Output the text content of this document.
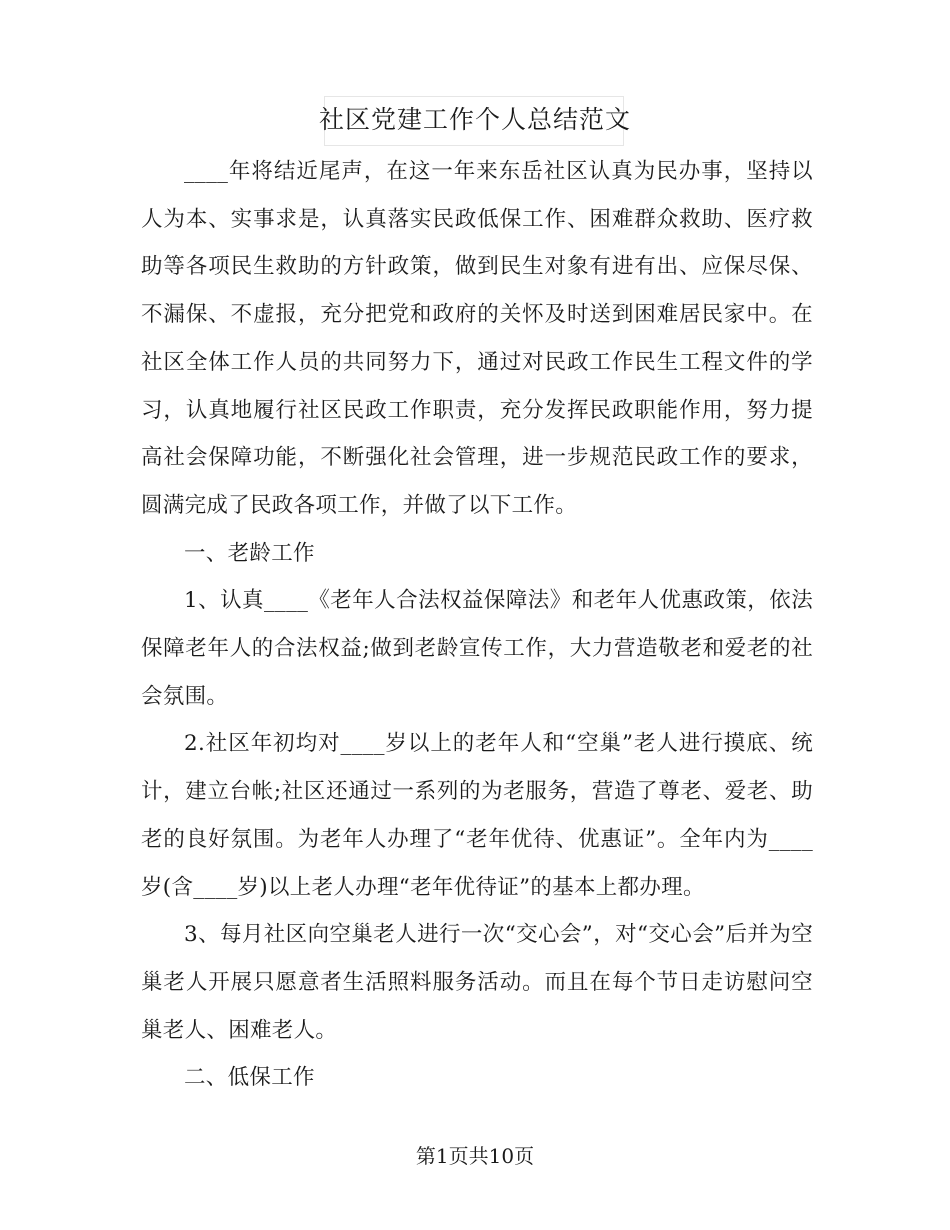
社区党建工作个人总结范文

____年将结近尾声，在这一年来东岳社区认真为民办事，坚持以人为本、实事求是，认真落实民政低保工作、困难群众救助、医疗救助等各项民生救助的方针政策，做到民生对象有进有出、应保尽保、不漏保、不虚报，充分把党和政府的关怀及时送到困难居民家中。在社区全体工作人员的共同努力下，通过对民政工作民生工程文件的学习，认真地履行社区民政工作职责，充分发挥民政职能作用，努力提高社会保障功能，不断强化社会管理，进一步规范民政工作的要求，圆满完成了民政各项工作，并做了以下工作。

一、老龄工作

1、认真____《老年人合法权益保障法》和老年人优惠政策，依法保障老年人的合法权益;做到老龄宣传工作，大力营造敬老和爱老的社会氛围。

2.社区年初均对____岁以上的老年人和“空巢”老人进行摸底、统计，建立台帐;社区还通过一系列的为老服务，营造了尊老、爱老、助老的良好氛围。为老年人办理了“老年优待、优惠证”。全年内为____岁(含____岁)以上老人办理“老年优待证”的基本上都办理。

3、每月社区向空巢老人进行一次“交心会”，对“交心会”后并为空巢老人开展只愿意者生活照料服务活动。而且在每个节日走访慰问空巢老人、困难老人。

二、低保工作

第1页共10页
